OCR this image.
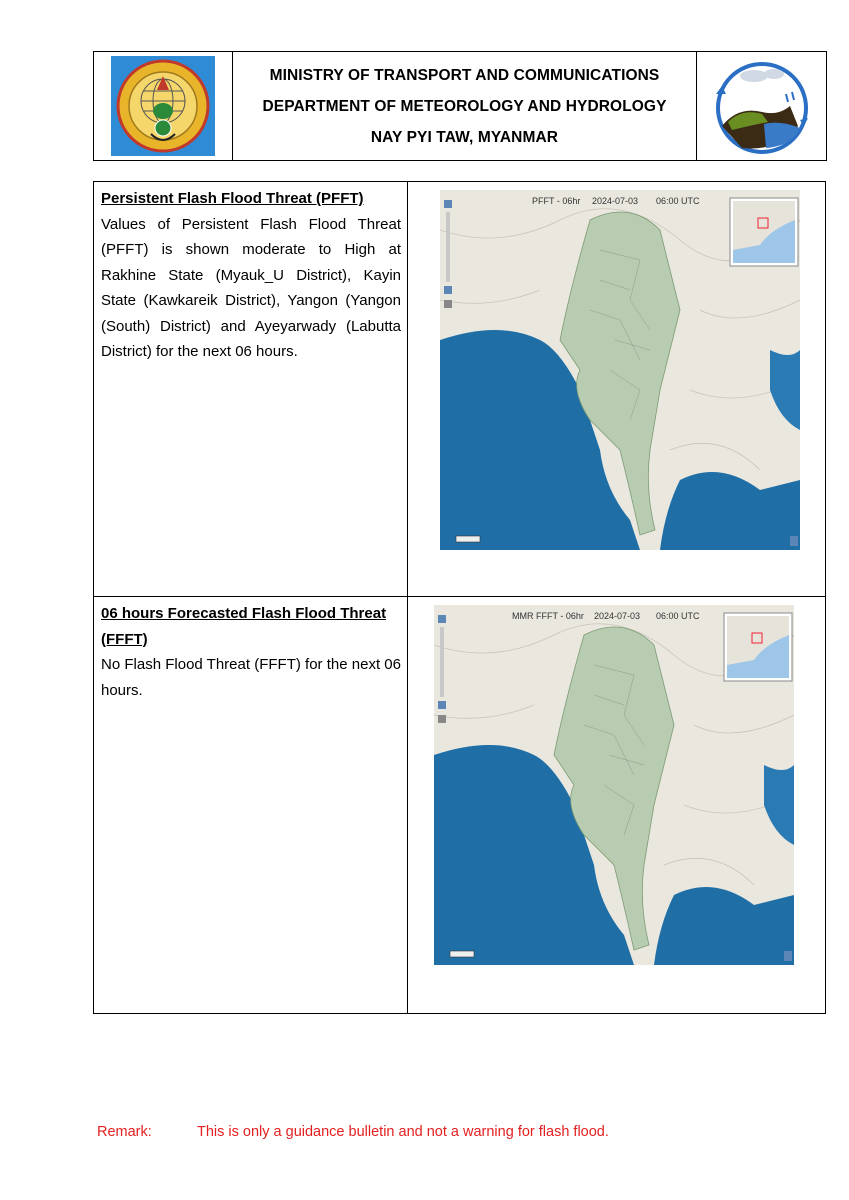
MINISTRY OF TRANSPORT AND COMMUNICATIONS
DEPARTMENT OF METEOROLOGY AND HYDROLOGY
NAY PYI TAW, MYANMAR
Persistent Flash Flood Threat (PFFT)
Values of Persistent Flash Flood Threat (PFFT) is shown moderate to High at Rakhine State (Myauk_U District), Kayin State (Kawkareik District), Yangon (Yangon (South) District) and Ayeyarwady (Labutta District) for the next 06 hours.
PFFT - 06hr 2024-07-03 06:00 UTC
06 hours Forecasted Flash Flood Threat (FFFT)
No Flash Flood Threat (FFFT) for the next 06 hours.
MMR FFFT - 06hr 2024-07-03 06:00 UTC
Remark:	This is only a guidance bulletin and not a warning for flash flood.
